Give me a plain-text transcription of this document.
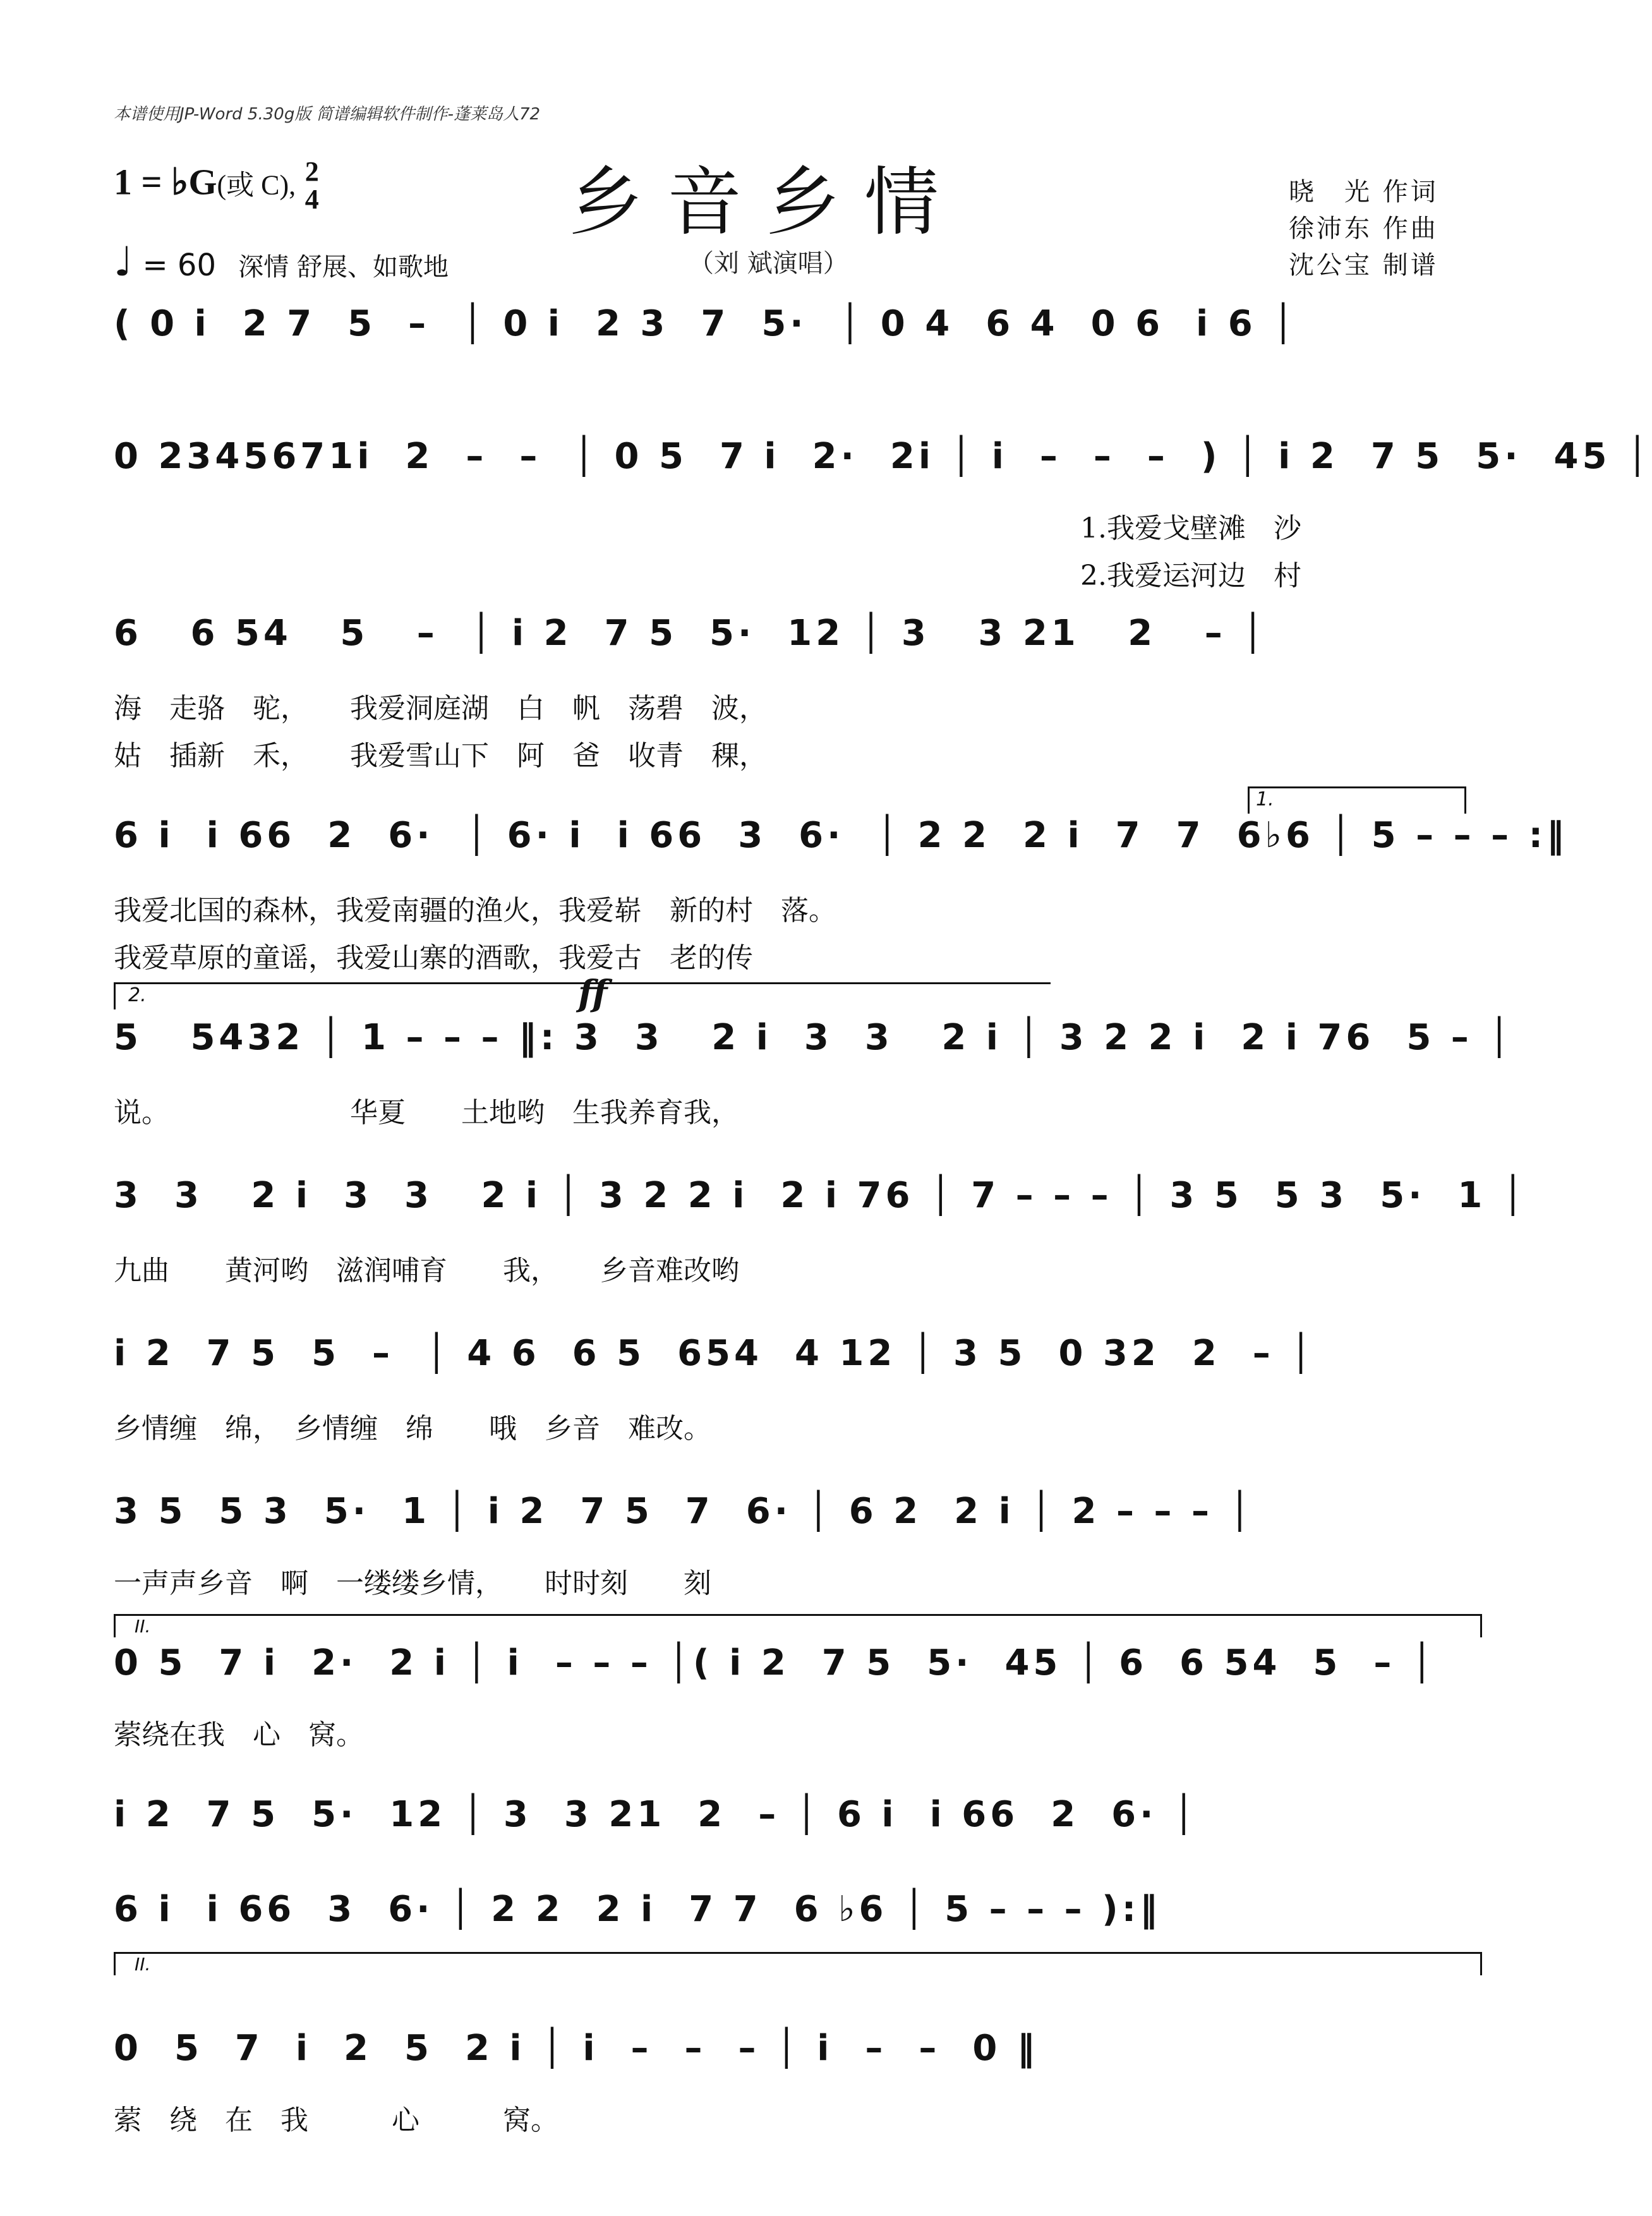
本谱使用JP-Word 5.30g版 简谱编辑软件制作-蓬莱岛人72
1 = ♭G(或 C), 2
4
♩ = 60 深情 舒展、如歌地
乡音乡情
（刘 斌演唱）
晓　光 作词
徐沛东 作曲
沈公宝 制谱
( 0 i  2 7  5  –  │ 0 i  2 3  7  5·  │ 0 4  6 4  0 6  i 6 │
0 2345671i  2  –  –  │ 0 5  7 i  2·  2i │ i  –  –  –  ) │ i 2  7 5  5·  45 │
6   6 54   5   –  │ i 2  7 5  5·  12 │ 3   3 21   2   – │
6 i  i 66  2  6·  │ 6· i  i 66  3  6·  │ 2 2  2 i  7  7  6♭6 │ 5 – – – :‖
5   5432 │ 1 – – – ‖: 3  3   2 i  3  3   2 i │ 3 2 2 i  2 i 76  5 – │
3  3   2 i  3  3   2 i │ 3 2 2 i  2 i 76 │ 7 – – – │ 3 5  5 3  5·  1 │
i 2  7 5  5  –  │ 4 6  6 5  654  4 12 │ 3 5  0 32  2  – │
3 5  5 3  5·  1 │ i 2  7 5  7  6· │ 6 2  2 i │ 2 – – – │
0 5  7 i  2·  2 i │ i  – – – │( i 2  7 5  5·  45 │ 6  6 54  5  – │
i 2  7 5  5·  12 │ 3  3 21  2  – │ 6 i  i 66  2  6· │
6 i  i 66  3  6· │ 2 2  2 i  7 7  6 ♭6 │ 5 – – – ):‖
0  5  7  i  2  5  2 i │ i  –  –  – │ i  –  –  0 ‖
1.我爱戈壁滩　沙
2.我爱运河边　村
海　走骆　驼，　　我爱洞庭湖　白　帆　荡碧　波，
姑　插新　禾，　　我爱雪山下　阿　爸　收青　稞，
我爱北国的森林，我爱南疆的渔火，我爱崭　新的村　落。
我爱草原的童谣，我爱山寨的酒歌，我爱古　老的传
说。　　　　　　　华夏　　土地哟　生我养育我，
九曲　　黄河哟　滋润哺育　　我，　　乡音难改哟
乡情缠　绵，　乡情缠　绵　　哦　乡音　难改。
一声声乡音　啊　一缕缕乡情，　　时时刻　　刻
萦绕在我　心　窝。
萦　绕　在　我　　　心　　　窝。
1.
2.
II.
II.
ff
